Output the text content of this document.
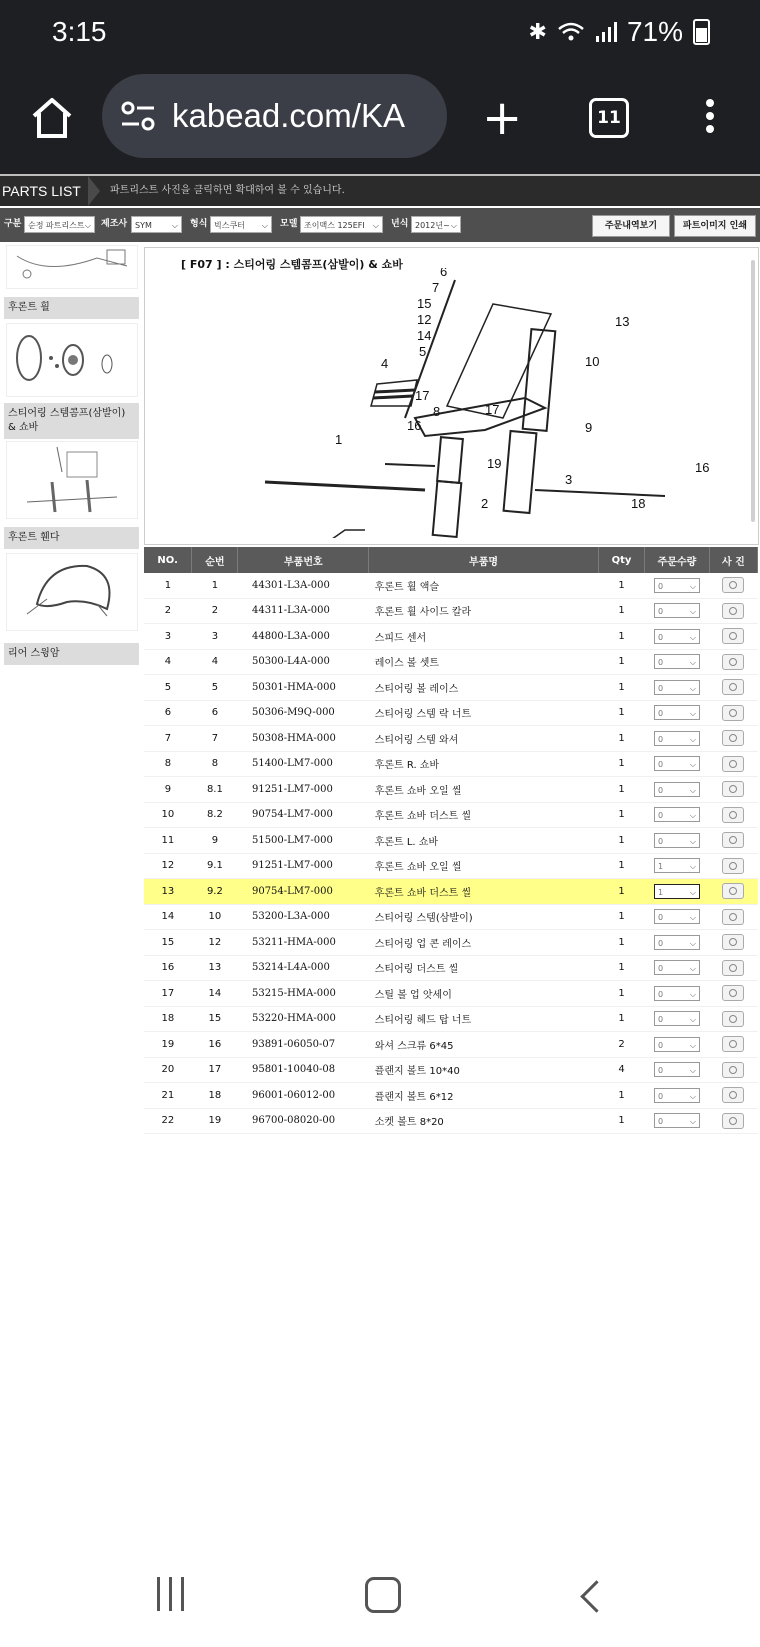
3:15	✱	71%
kabead.com/KA +	11
PARTS LIST	파트리스트 사진을 클릭하면 확대하여 볼 수 있습니다.
구분 순정 파트리스트 ⌵ 제조사 SYM	⌵ 형식 빅스쿠터 ⌵ 모델 조이맥스 125EFI ⌵ 년식 2012년~ ⌵	주문내역보기	파트이미지 인쇄
후론트 휠
스티어링 스템콤프(삼발이) & 쇼바
후론트 휀다
리어 스윙암
[ F07 ] : 스티어링 스템콤프(삼발이) & 쇼바	6
7
15
12
14
5
4
13
10
17
8	17
9
16
1
19	16
3
2	18
NO.	순번	부품번호	부품명	Qty	주문수량	사 진
1	1	44301-L3A-000	후론트 휠 액슬	1	0 ⌵	

2	2	44311-L3A-000	후론트 휠 사이드 칼라	1	0 ⌵	

3	3	44800-L3A-000	스피드 센서	1	0 ⌵	

4	4	50300-L4A-000	레이스 볼 셋트	1	0 ⌵	

5	5	50301-HMA-000	스티어링 볼 레이스	1	0 ⌵	

6	6	50306-M9Q-000	스티어링 스템 락 너트	1	0 ⌵	

7	7	50308-HMA-000	스티어링 스템 와셔	1	0 ⌵	

8	8	51400-LM7-000	후론트 R. 쇼바	1	0 ⌵	

9	8.1	91251-LM7-000	후론트 쇼바 오일 씰	1	0 ⌵	

10	8.2	90754-LM7-000	후론트 쇼바 더스트 씰	1	0 ⌵	

11	9	51500-LM7-000	후론트 L. 쇼바	1	0 ⌵	

12	9.1	91251-LM7-000	후론트 쇼바 오일 씰	1	1 ⌵	

13	9.2	90754-LM7-000	후론트 쇼바 더스트 씰	1	1 ⌵	

14	10	53200-L3A-000	스티어링 스템(삼발이)	1	0 ⌵	

15	12	53211-HMA-000	스티어링 업 콘 레이스	1	0 ⌵	

16	13	53214-L4A-000	스티어링 더스트 씰	1	0 ⌵	

17	14	53215-HMA-000	스틸 볼 업 앗세이	1	0 ⌵	

18	15	53220-HMA-000	스티어링 헤드 탑 너트	1	0 ⌵	

19	16	93891-06050-07	와셔 스크류 6*45	2	0 ⌵	

20	17	95801-10040-08	플랜지 볼트 10*40	4	0 ⌵	

21	18	96001-06012-00	플랜지 볼트 6*12	1	0 ⌵	

22	19	96700-08020-00	소켓 볼트 8*20	1	0 ⌵	
